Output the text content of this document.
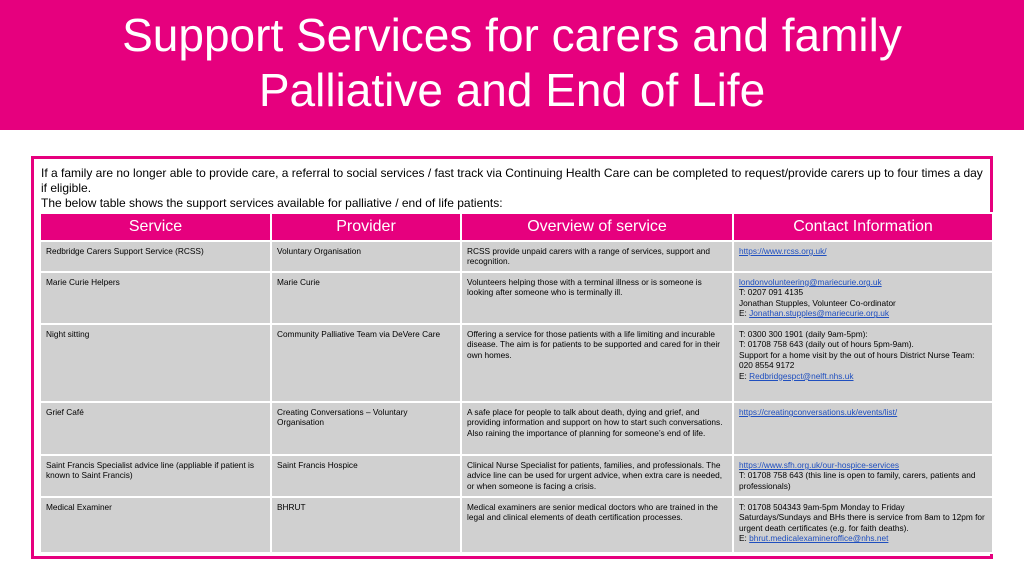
Support Services for carers and family
Palliative and End of Life

If a family are no longer able to provide care, a referral to social services / fast track via Continuing Health Care can be completed to request/provide carers up to four times a day if eligible.

The below table shows the support services available for palliative / end of life patients:

Service	Provider	Overview of service	Contact Information
Redbridge Carers Support Service (RCSS)	Voluntary Organisation	RCSS provide unpaid carers with a range of services, support and recognition.	https://www.rcss.org.uk/

Marie Curie Helpers	Marie Curie	Volunteers helping those with a terminal illness or is someone is looking after someone who is terminally ill.	londonvolunteering@mariecurie.org.uk
T: 0207 091 4135
Jonathan Stupples, Volunteer Co-ordinator
E: Jonathan.stupples@mariecurie.org.uk

Night sitting	Community Palliative Team via DeVere Care	Offering a service for those patients with a life limiting and incurable disease. The aim is for patients to be supported and cared for in their own homes.	T: 0300 300 1901 (daily 9am-5pm):
T: 01708 758 643 (daily out of hours 5pm-9am).
Support for a home visit by the out of hours District Nurse Team: 020 8554 9172
E: Redbridgespct@nelft.nhs.uk

Grief Café	Creating Conversations – Voluntary Organisation	A safe place for people to talk about death, dying and grief, and providing information and support on how to start such conversations. Also raining the importance of planning for someone’s end of life.	https://creatingconversations.uk/events/list/

Saint Francis Specialist advice line (appliable if patient is known to Saint Francis)	Saint Francis Hospice	Clinical Nurse Specialist for patients, families, and professionals. The advice line can be used for urgent advice, when extra care is needed, or when someone is facing a crisis.	https://www.sfh.org.uk/our-hospice-services
T: 01708 758 643 (this line is open to family, carers, patients and professionals)

Medical Examiner	BHRUT	Medical examiners are senior medical doctors who are trained in the legal and clinical elements of death certification processes.	T: 01708 504343 9am-5pm Monday to Friday
Saturdays/Sundays and BHs there is service from 8am to 12pm for urgent death certificates (e.g. for faith deaths).
E: bhrut.medicalexamineroffice@nhs.net
